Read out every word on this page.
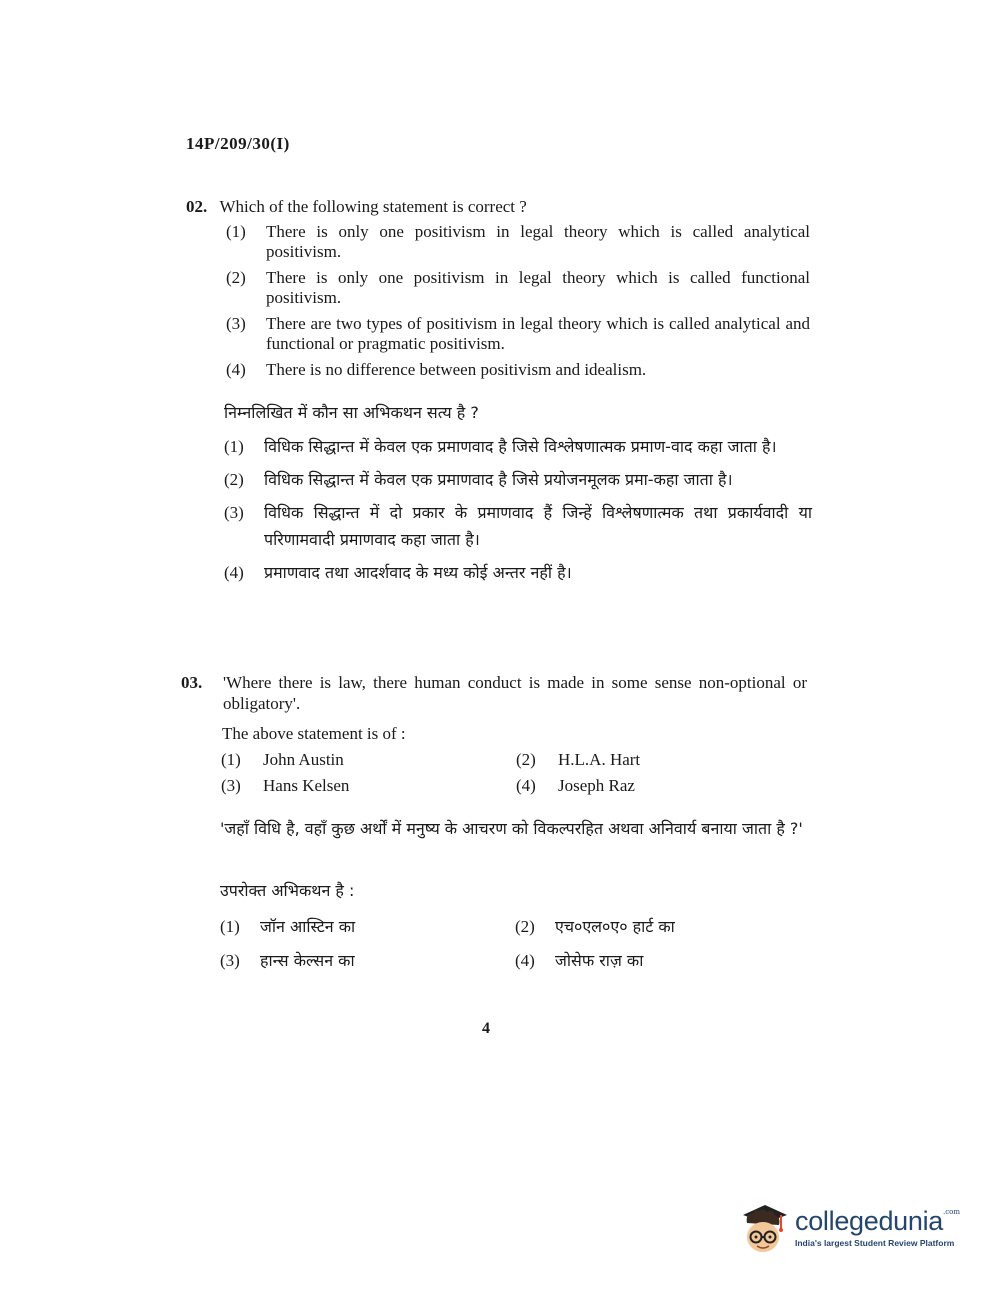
14P/209/30(I)
02. Which of the following statement is correct ?
(1)	There is only one positivism in legal theory which is called analytical positivism.
(2)	There is only one positivism in legal theory which is called functional positivism.
(3)	There are two types of positivism in legal theory which is called analytical and functional or pragmatic positivism.
(4)	There is no difference between positivism and idealism.
निम्नलिखित में कौन सा अभिकथन सत्य है ?
(1)	विधिक सिद्धान्त में केवल एक प्रमाणवाद है जिसे विश्लेषणात्मक प्रमाण-वाद कहा जाता है।
(2)	विधिक सिद्धान्त में केवल एक प्रमाणवाद है जिसे प्रयोजनमूलक प्रमा-कहा जाता है।
(3)	विधिक सिद्धान्त में दो प्रकार के प्रमाणवाद हैं जिन्हें विश्लेषणात्मक तथा प्रकार्यवादी या परिणामवादी प्रमाणवाद कहा जाता है।
(4)	प्रमाणवाद तथा आदर्शवाद के मध्य कोई अन्तर नहीं है।
03.	'Where there is law, there human conduct is made in some sense non-optional or obligatory'.
The above statement is of :
(1)	John Austin	(2)	H.L.A. Hart
(3)	Hans Kelsen	(4)	Joseph Raz
'जहाँ विधि है, वहाँ कुछ अर्थों में मनुष्य के आचरण को विकल्परहित अथवा अनिवार्य बनाया जाता है ?'
उपरोक्त अभिकथन है :
(1)	जॉन आस्टिन का	(2)	एच०एल०ए० हार्ट का
(3)	हान्स केल्सन का	(4)	जोसेफ राज़ का
4
collegedunia$^{.com}$
India's largest Student Review Platform
